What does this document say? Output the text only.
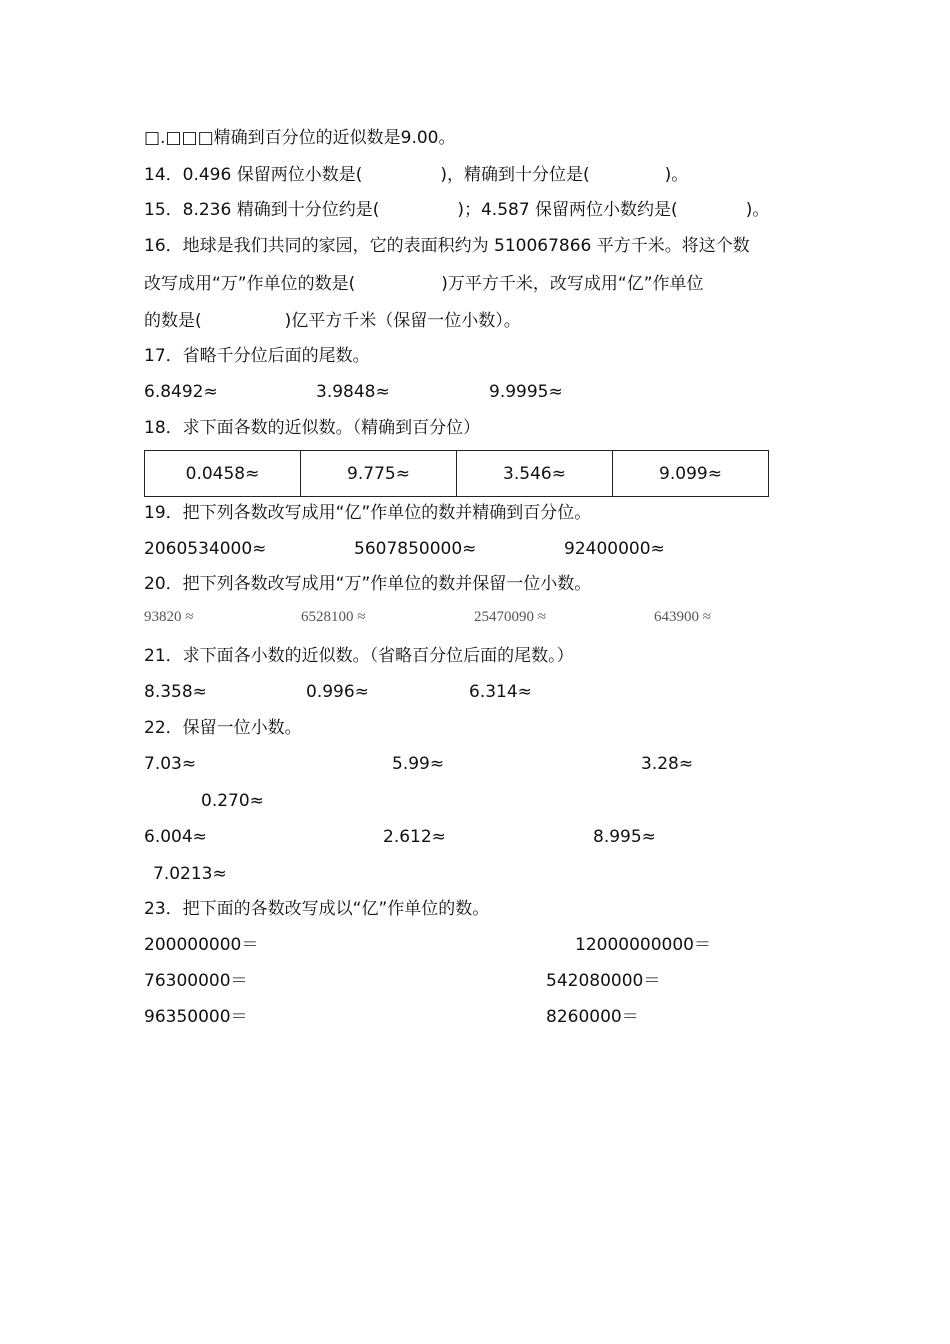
□.□□□精确到百分位的近似数是9.00。
14．0.496 保留两位小数是(	)，精确到十分位是(	)。
15．8.236 精确到十分位约是(	)；4.587 保留两位小数约是(	)。
16．地球是我们共同的家园，它的表面积约为 510067866 平方千米。将这个数
改写成用“万”作单位的数是(	)万平方千米，改写成用“亿”作单位
的数是(	)亿平方千米（保留一位小数）。
17．省略千分位后面的尾数。
6.8492≈	3.9848≈	9.9995≈
18．求下面各数的近似数。（精确到百分位）
0.0458≈	9.775≈	3.546≈	9.099≈
19．把下列各数改写成用“亿”作单位的数并精确到百分位。
2060534000≈	5607850000≈	92400000≈
20．把下列各数改写成用“万”作单位的数并保留一位小数。
93820 ≈	6528100 ≈	25470090 ≈	643900 ≈
21．求下面各小数的近似数。（省略百分位后面的尾数。）
8.358≈	0.996≈	6.314≈
22．保留一位小数。
7.03≈	5.99≈	3.28≈
0.270≈
6.004≈	2.612≈	8.995≈
7.0213≈
23．把下面的各数改写成以“亿”作单位的数。
200000000＝	12000000000＝
76300000＝	542080000＝
96350000＝	8260000＝
